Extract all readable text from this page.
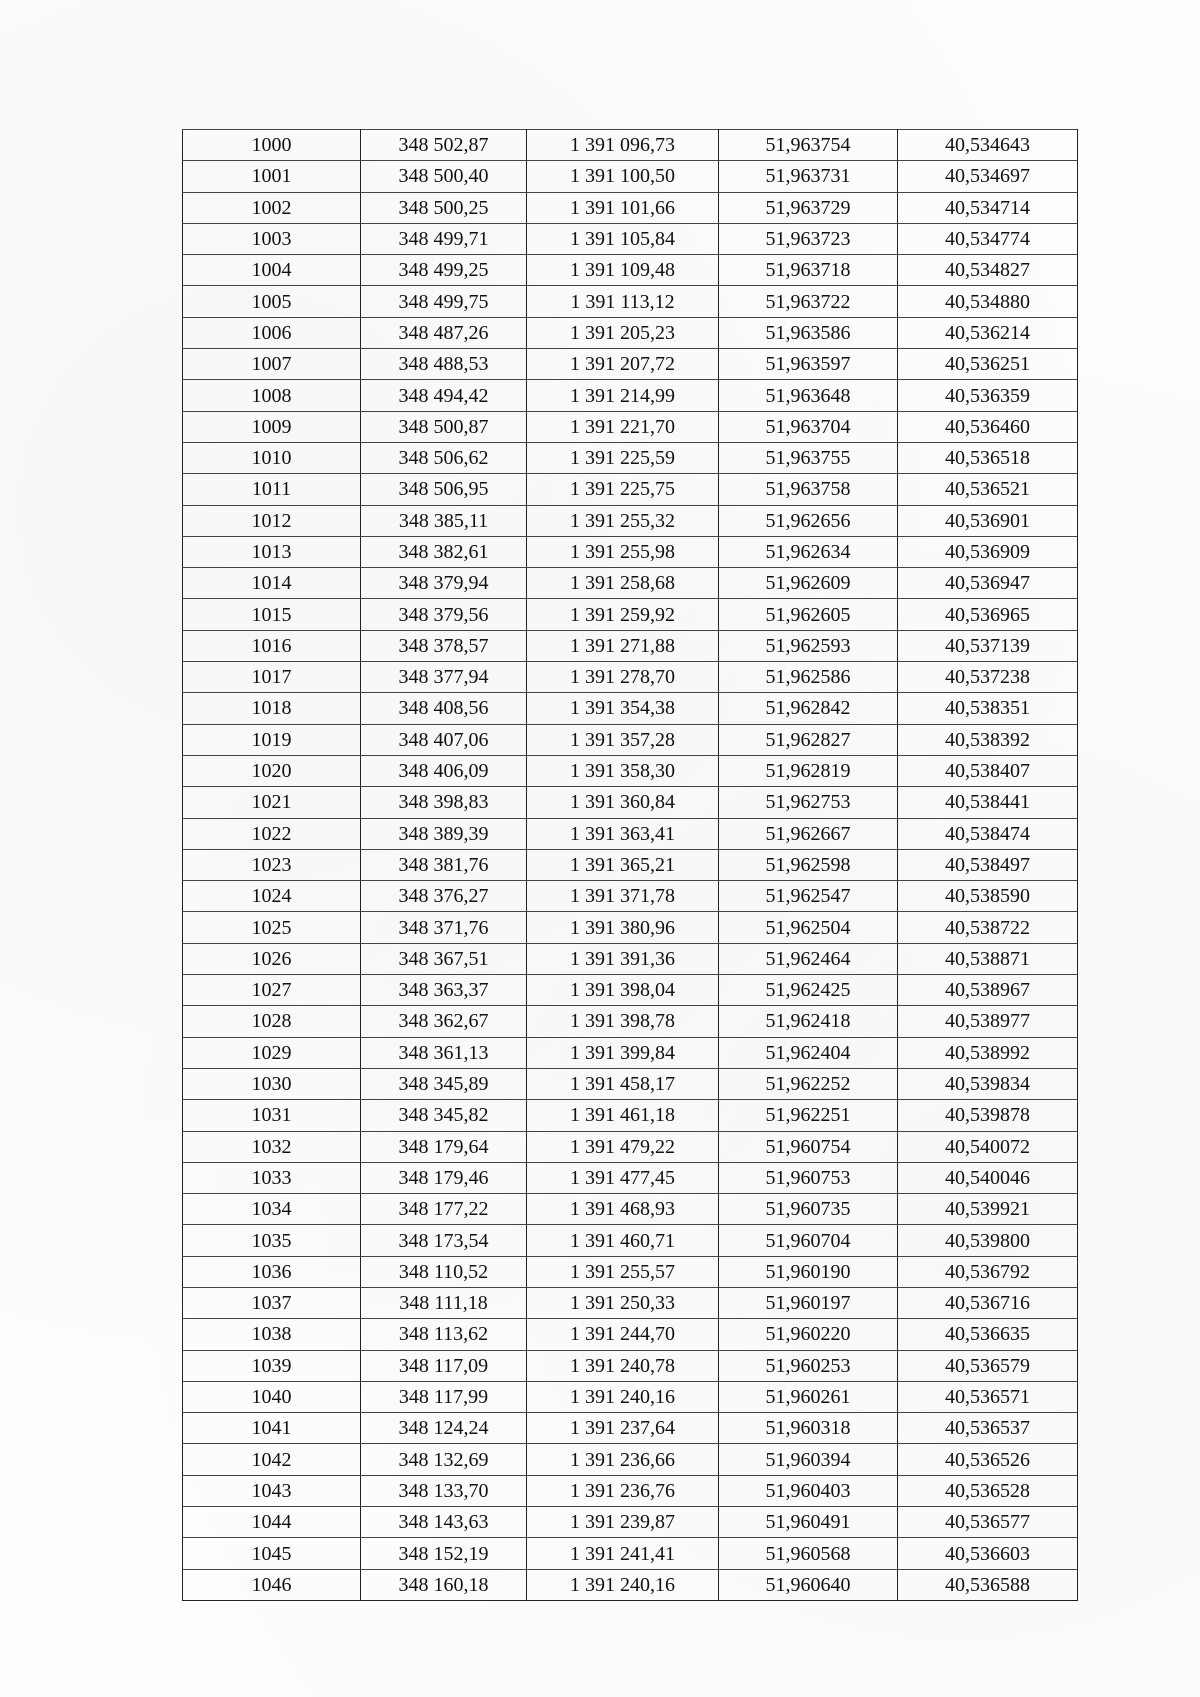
1000	348 502,87	1 391 096,73	51,963754	40,534643
1001	348 500,40	1 391 100,50	51,963731	40,534697
1002	348 500,25	1 391 101,66	51,963729	40,534714
1003	348 499,71	1 391 105,84	51,963723	40,534774
1004	348 499,25	1 391 109,48	51,963718	40,534827
1005	348 499,75	1 391 113,12	51,963722	40,534880
1006	348 487,26	1 391 205,23	51,963586	40,536214
1007	348 488,53	1 391 207,72	51,963597	40,536251
1008	348 494,42	1 391 214,99	51,963648	40,536359
1009	348 500,87	1 391 221,70	51,963704	40,536460
1010	348 506,62	1 391 225,59	51,963755	40,536518
1011	348 506,95	1 391 225,75	51,963758	40,536521
1012	348 385,11	1 391 255,32	51,962656	40,536901
1013	348 382,61	1 391 255,98	51,962634	40,536909
1014	348 379,94	1 391 258,68	51,962609	40,536947
1015	348 379,56	1 391 259,92	51,962605	40,536965
1016	348 378,57	1 391 271,88	51,962593	40,537139
1017	348 377,94	1 391 278,70	51,962586	40,537238
1018	348 408,56	1 391 354,38	51,962842	40,538351
1019	348 407,06	1 391 357,28	51,962827	40,538392
1020	348 406,09	1 391 358,30	51,962819	40,538407
1021	348 398,83	1 391 360,84	51,962753	40,538441
1022	348 389,39	1 391 363,41	51,962667	40,538474
1023	348 381,76	1 391 365,21	51,962598	40,538497
1024	348 376,27	1 391 371,78	51,962547	40,538590
1025	348 371,76	1 391 380,96	51,962504	40,538722
1026	348 367,51	1 391 391,36	51,962464	40,538871
1027	348 363,37	1 391 398,04	51,962425	40,538967
1028	348 362,67	1 391 398,78	51,962418	40,538977
1029	348 361,13	1 391 399,84	51,962404	40,538992
1030	348 345,89	1 391 458,17	51,962252	40,539834
1031	348 345,82	1 391 461,18	51,962251	40,539878
1032	348 179,64	1 391 479,22	51,960754	40,540072
1033	348 179,46	1 391 477,45	51,960753	40,540046
1034	348 177,22	1 391 468,93	51,960735	40,539921
1035	348 173,54	1 391 460,71	51,960704	40,539800
1036	348 110,52	1 391 255,57	51,960190	40,536792
1037	348 111,18	1 391 250,33	51,960197	40,536716
1038	348 113,62	1 391 244,70	51,960220	40,536635
1039	348 117,09	1 391 240,78	51,960253	40,536579
1040	348 117,99	1 391 240,16	51,960261	40,536571
1041	348 124,24	1 391 237,64	51,960318	40,536537
1042	348 132,69	1 391 236,66	51,960394	40,536526
1043	348 133,70	1 391 236,76	51,960403	40,536528
1044	348 143,63	1 391 239,87	51,960491	40,536577
1045	348 152,19	1 391 241,41	51,960568	40,536603
1046	348 160,18	1 391 240,16	51,960640	40,536588
